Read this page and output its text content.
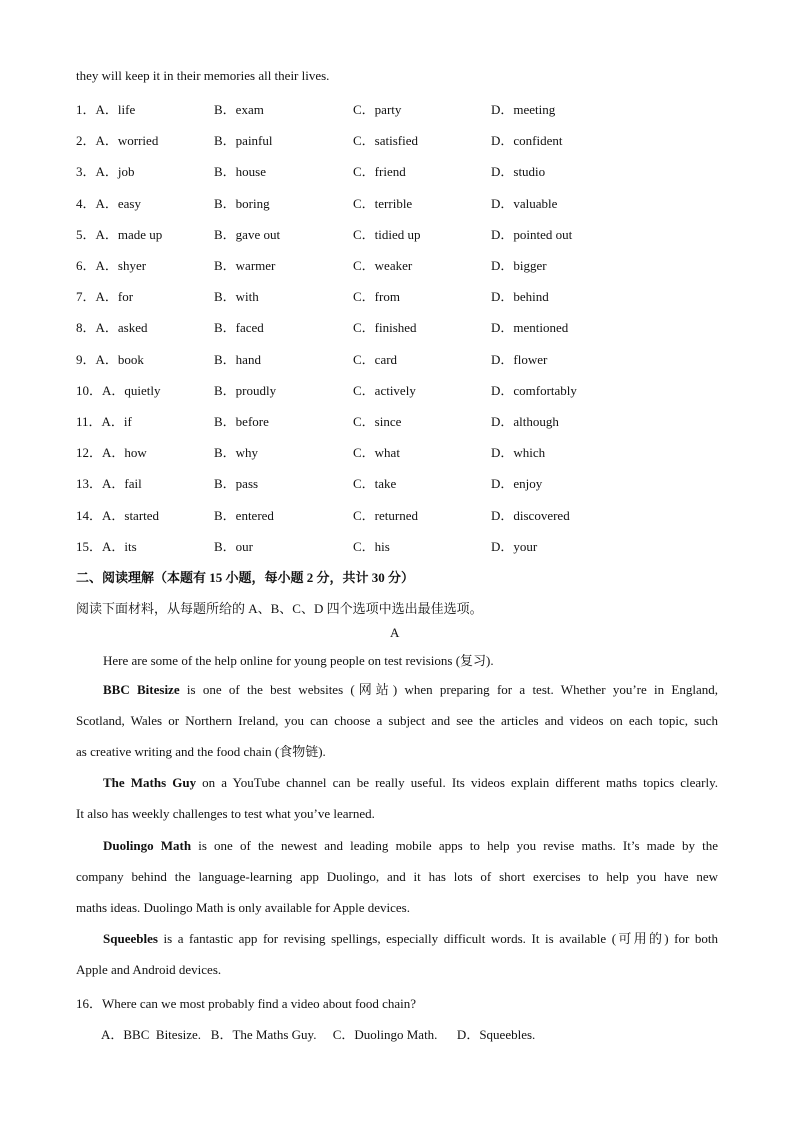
they will keep it in their memories all their lives.
1．A．life	B．exam	C．party	D．meeting
2．A．worried	B．painful	C．satisfied	D．confident
3．A．job	B．house	C．friend	D．studio
4．A．easy	B．boring	C．terrible	D．valuable
5．A．made up	B．gave out	C．tidied up	D．pointed out
6．A．shyer	B．warmer	C．weaker	D．bigger
7．A．for	B．with	C．from	D．behind
8．A．asked	B．faced	C．finished	D．mentioned
9．A．book	B．hand	C．card	D．flower
10．A．quietly	B．proudly	C．actively	D．comfortably
11．A．if	B．before	C．since	D．although
12．A．how	B．why	C．what	D．which
13．A．fail	B．pass	C．take	D．enjoy
14．A．started	B．entered	C．returned	D．discovered
15．A．its	B．our	C．his	D．your
二、阅读理解（本题有 15 小题，每小题 2 分，共计 30 分）
阅读下面材料，从每题所给的 A、B、C、D 四个选项中选出最佳选项。
A
Here are some of the help online for young people on test revisions (复习).
BBC Bitesize is one of the best websites (网站) when preparing for a test. Whether you’re in England,
Scotland, Wales or Northern Ireland, you can choose a subject and see the articles and videos on each topic, such
as creative writing and the food chain (食物链).
The Maths Guy on a YouTube channel can be really useful. Its videos explain different maths topics clearly.
It also has weekly challenges to test what you’ve learned.
Duolingo Math is one of the newest and leading mobile apps to help you revise maths. It’s made by the
company behind the language-learning app Duolingo, and it has lots of short exercises to help you have new
maths ideas. Duolingo Math is only available for Apple devices.
Squeebles is a fantastic app for revising spellings, especially difficult words. It is available (可用的) for both
Apple and Android devices.
16．Where can we most probably find a video about food chain?
A．BBC  Bitesize.   B．The Maths Guy.     C．Duolingo Math.      D．Squeebles.
